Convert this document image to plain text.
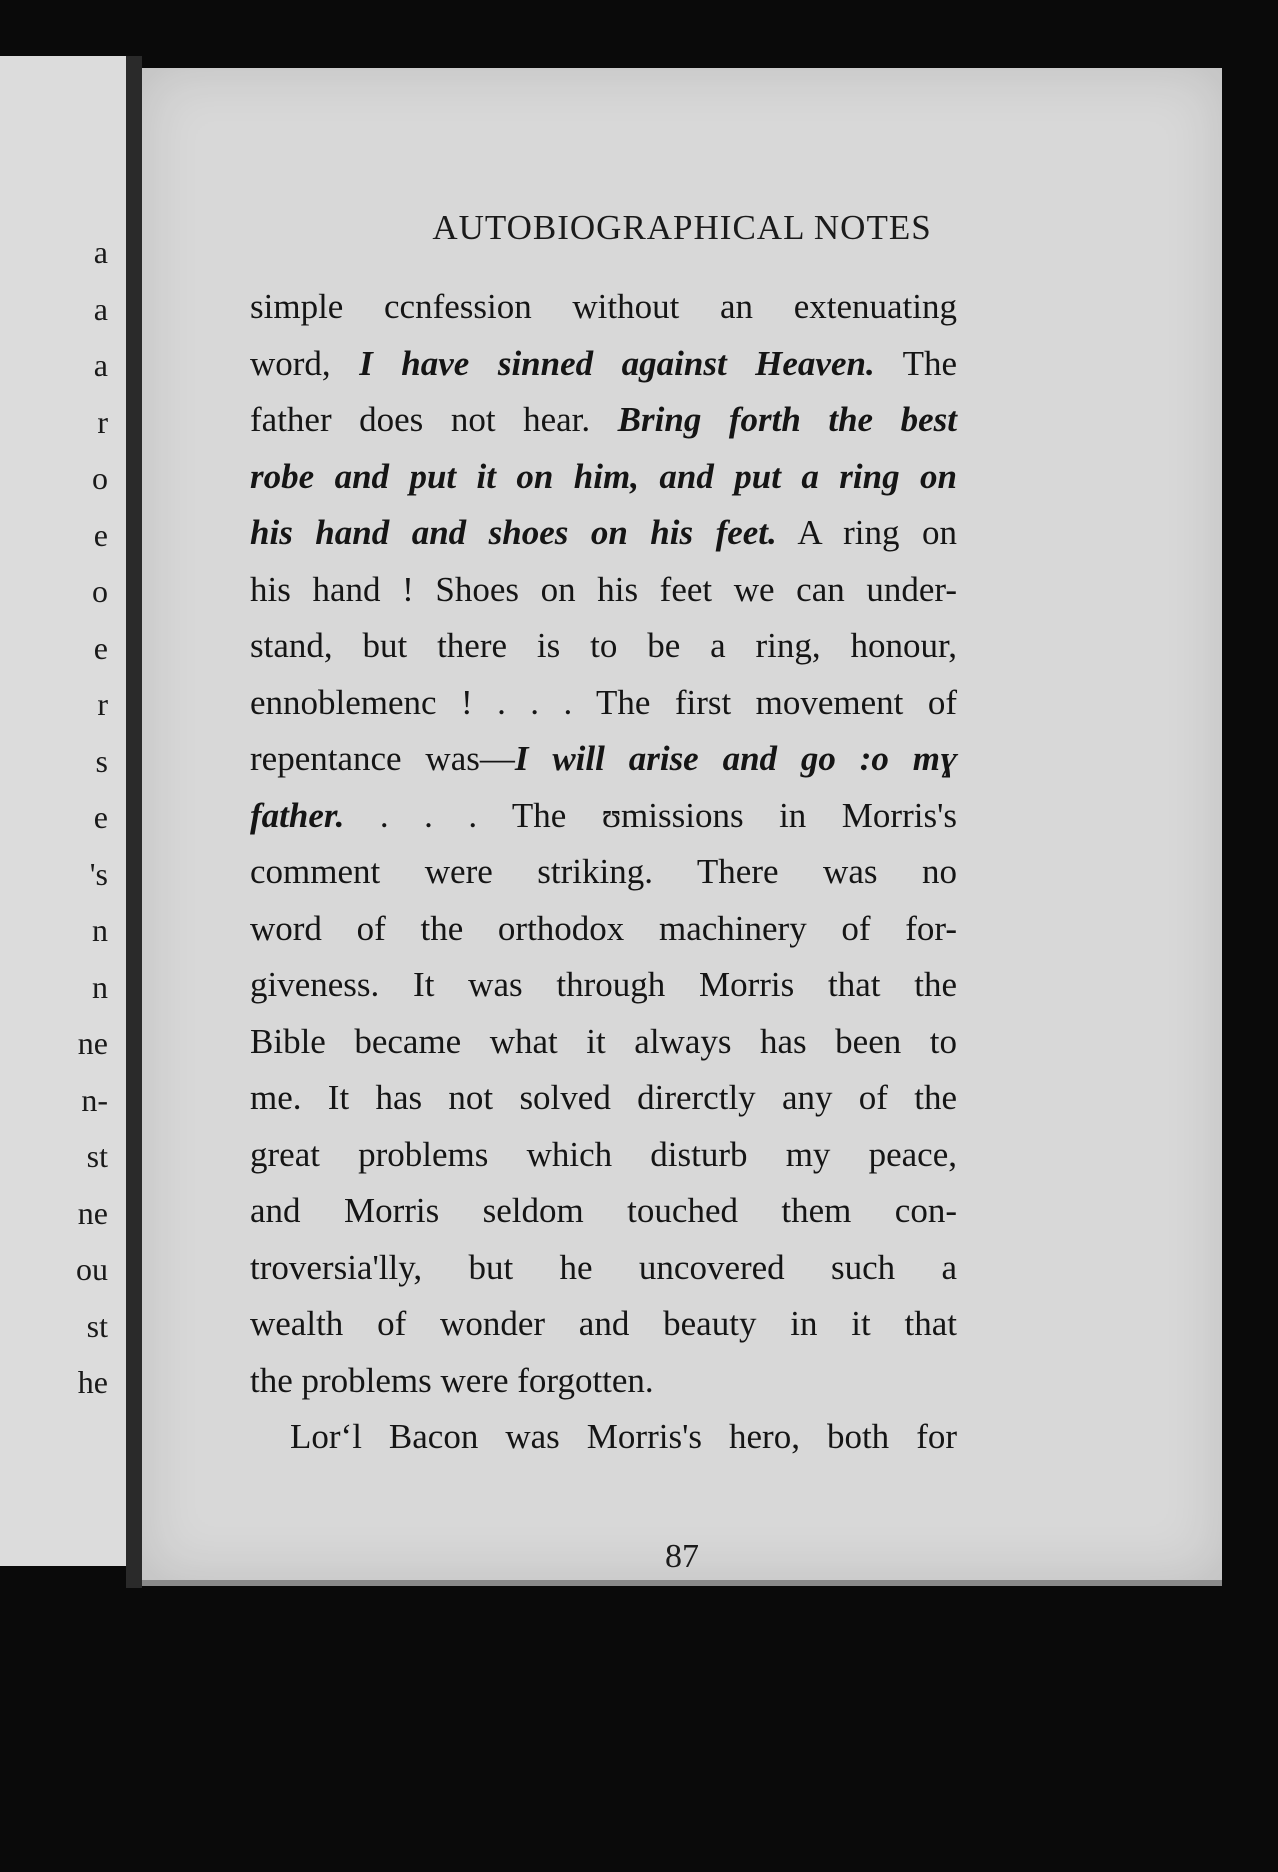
a
a
a
r
o
e
o
e
r
s
e
's
n
n
ne
n-
st
ne
ou
st
he
AUTOBIOGRAPHICAL NOTES
simple ccnfession without an extenuating
word, I have sinned against Heaven. The
father does not hear. Bring forth the best
robe and put it on him, and put a ring on
his hand and shoes on his feet. A ring on
his hand ! Shoes on his feet we can under-
stand, but there is to be a ring, honour,
ennoblemenc ! . . . The first movement of
repentance was—I will arise and go :o mɣ
father. . . . The ʊmissions in Morris's
comment were striking. There was no
word of the orthodox machinery of for-
giveness. It was through Morris that the
Bible became what it always has been to
me. It has not solved direrctly any of the
great problems which disturb my peace,
and Morris seldom touched them con-
troversia'lly, but he uncovered such a
wealth of wonder and beauty in it that
the problems were forgotten.
Lor‘l Bacon was Morris's hero, both for
87
